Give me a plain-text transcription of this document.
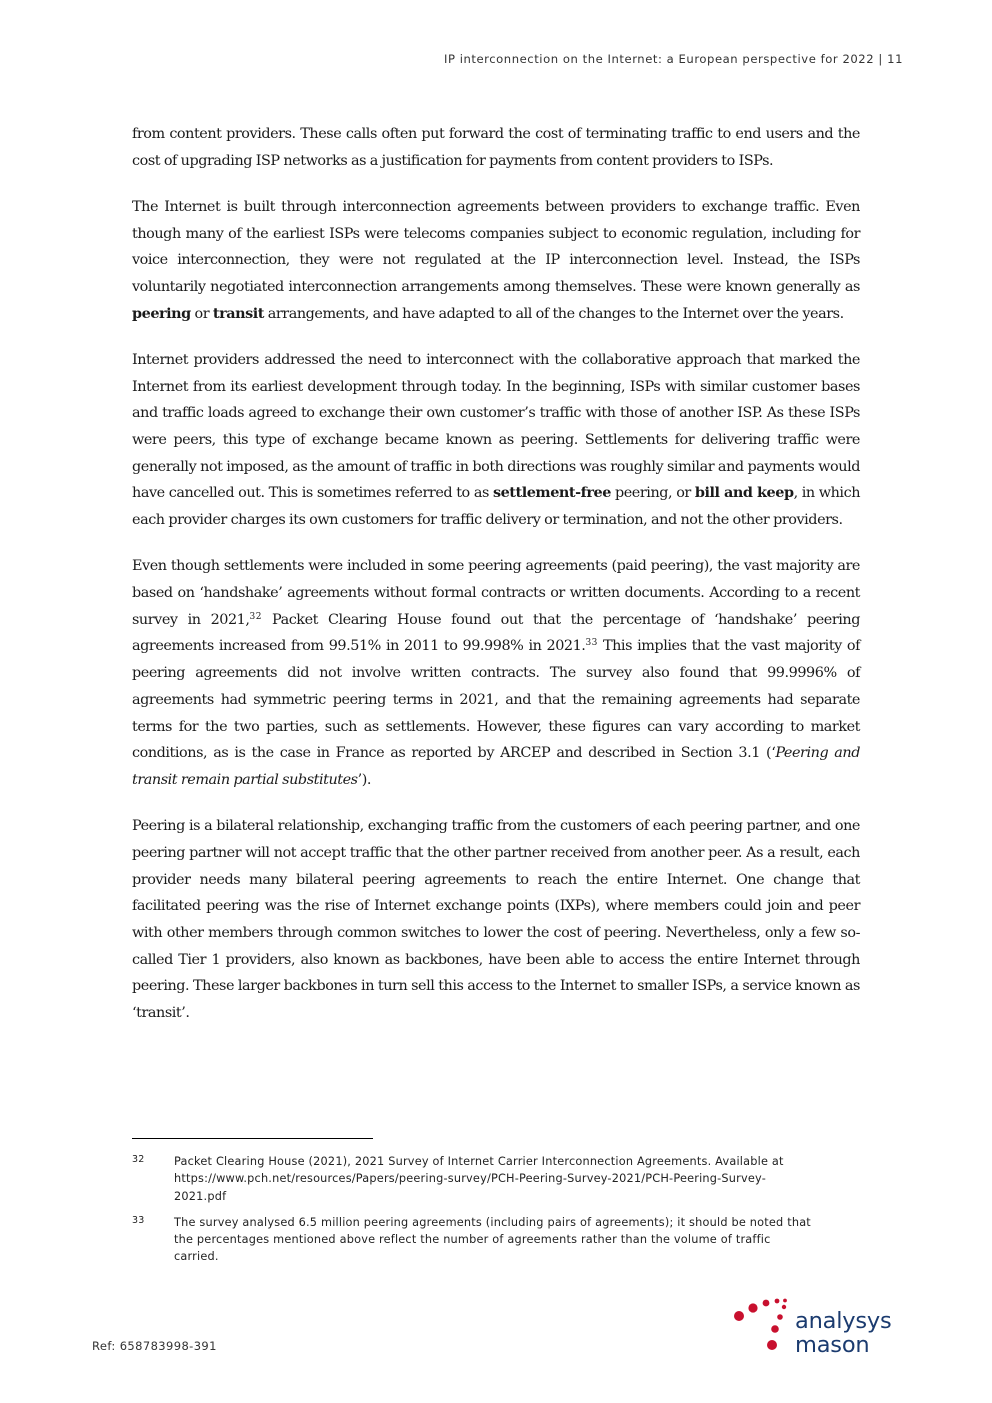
IP interconnection on the Internet: a European perspective for 2022 | 11

from content providers. These calls often put forward the cost of terminating traffic to end users and the cost of upgrading ISP networks as a justification for payments from content providers to ISPs.

The Internet is built through interconnection agreements between providers to exchange traffic. Even though many of the earliest ISPs were telecoms companies subject to economic regulation, including for voice interconnection, they were not regulated at the IP interconnection level. Instead, the ISPs voluntarily negotiated interconnection arrangements among themselves. These were known generally as peering or transit arrangements, and have adapted to all of the changes to the Internet over the years.

Internet providers addressed the need to interconnect with the collaborative approach that marked the Internet from its earliest development through today. In the beginning, ISPs with similar customer bases and traffic loads agreed to exchange their own customer’s traffic with those of another ISP. As these ISPs were peers, this type of exchange became known as peering. Settlements for delivering traffic were generally not imposed, as the amount of traffic in both directions was roughly similar and payments would have cancelled out. This is sometimes referred to as settlement-free peering, or bill and keep, in which each provider charges its own customers for traffic delivery or termination, and not the other providers.

Even though settlements were included in some peering agreements (paid peering), the vast majority are based on ‘handshake’ agreements without formal contracts or written documents. According to a recent survey in 2021,32 Packet Clearing House found out that the percentage of ‘handshake’ peering agreements increased from 99.51% in 2011 to 99.998% in 2021.33 This implies that the vast majority of peering agreements did not involve written contracts. The survey also found that 99.9996% of agreements had symmetric peering terms in 2021, and that the remaining agreements had separate terms for the two parties, such as settlements. However, these figures can vary according to market conditions, as is the case in France as reported by ARCEP and described in Section 3.1 (‘Peering and transit remain partial substitutes’).

Peering is a bilateral relationship, exchanging traffic from the customers of each peering partner, and one peering partner will not accept traffic that the other partner received from another peer. As a result, each provider needs many bilateral peering agreements to reach the entire Internet. One change that facilitated peering was the rise of Internet exchange points (IXPs), where members could join and peer with other members through common switches to lower the cost of peering. Nevertheless, only a few so-called Tier 1 providers, also known as backbones, have been able to access the entire Internet through peering. These larger backbones in turn sell this access to the Internet to smaller ISPs, a service known as ‘transit’.

32	Packet Clearing House (2021), 2021 Survey of Internet Carrier Interconnection Agreements. Available at
https://www.pch.net/resources/Papers/peering-survey/PCH-Peering-Survey-2021/PCH-Peering-Survey-
2021.pdf
33	The survey analysed 6.5 million peering agreements (including pairs of agreements); it should be noted that
the percentages mentioned above reflect the number of agreements rather than the volume of traffic
carried.
Ref: 658783998-391
analysys
mason
